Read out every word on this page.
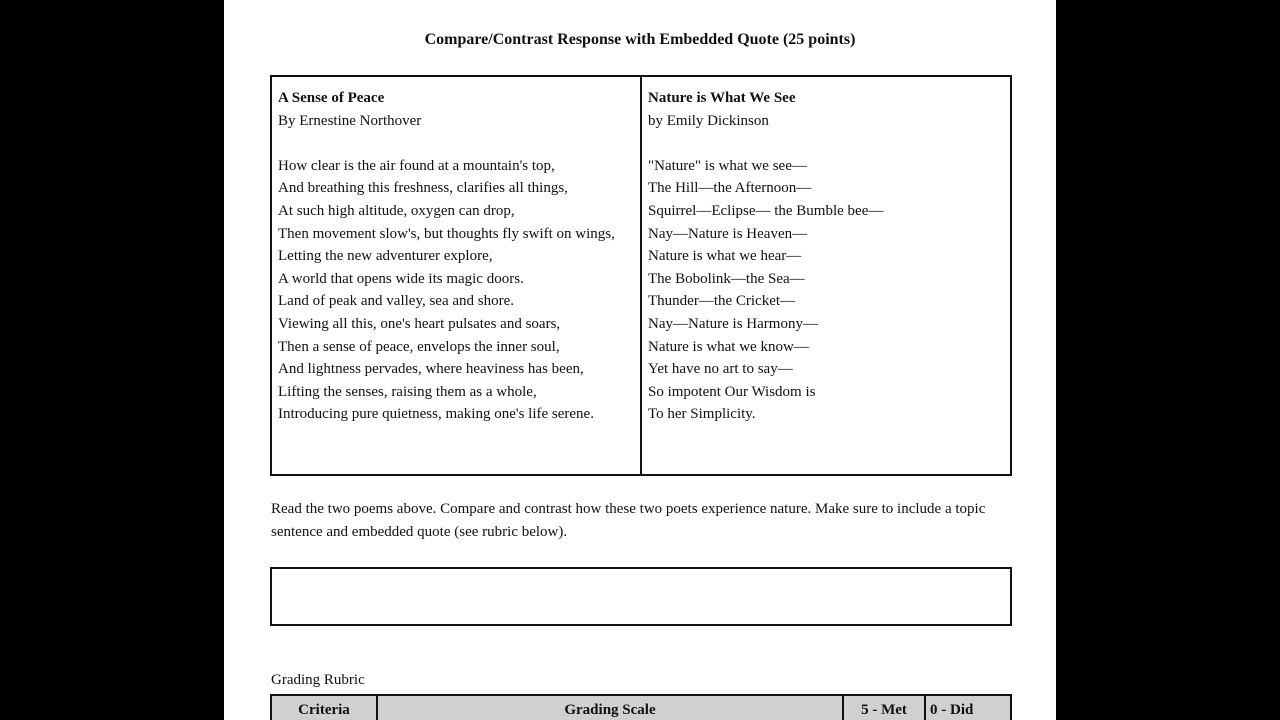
Compare/Contrast Response with Embedded Quote (25 points)
A Sense of Peace
By Ernestine Northover
How clear is the air found at a mountain's top,
And breathing this freshness, clarifies all things,
At such high altitude, oxygen can drop,
Then movement slow's, but thoughts fly swift on wings,
Letting the new adventurer explore,
A world that opens wide its magic doors.
Land of peak and valley, sea and shore.
Viewing all this, one's heart pulsates and soars,
Then a sense of peace, envelops the inner soul,
And lightness pervades, where heaviness has been,
Lifting the senses, raising them as a whole,
Introducing pure quietness, making one's life serene.
Nature is What We See
by Emily Dickinson
"Nature" is what we see—
The Hill—the Afternoon—
Squirrel—Eclipse— the Bumble bee—
Nay—Nature is Heaven—
Nature is what we hear—
The Bobolink—the Sea—
Thunder—the Cricket—
Nay—Nature is Harmony—
Nature is what we know—
Yet have no art to say—
So impotent Our Wisdom is
To her Simplicity.
Read the two poems above. Compare and contrast how these two poets experience nature. Make sure to include a topic sentence and embedded quote (see rubric below).
Grading Rubric
Criteria	Grading Scale	5 - Met	0 - Did
